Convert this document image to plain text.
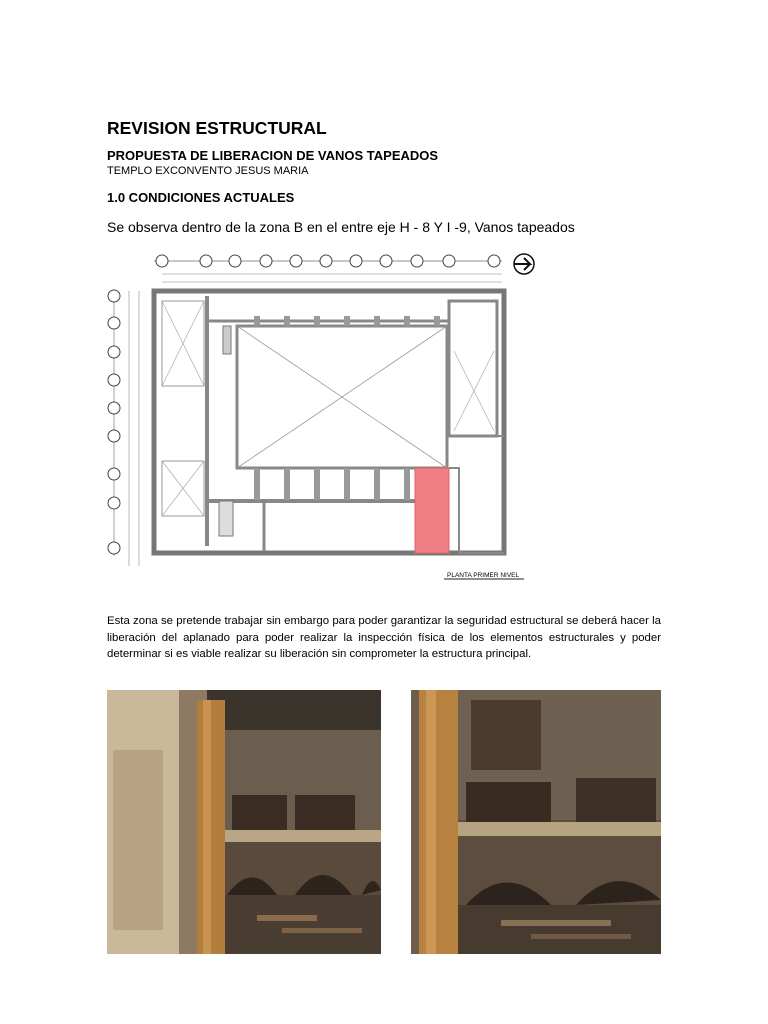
REVISION ESTRUCTURAL
PROPUESTA DE LIBERACION DE VANOS TAPEADOS
TEMPLO EXCONVENTO JESUS MARIA
1.0 CONDICIONES ACTUALES
Se observa dentro de la zona B en el entre eje H - 8 Y I -9, Vanos tapeados
PLANTA PRIMER NIVEL
Esta zona se pretende trabajar sin embargo para poder garantizar la seguridad estructural se deberá hacer la liberación del aplanado para poder realizar la inspección física de los elementos estructurales y poder determinar si es viable realizar su liberación sin comprometer la estructura principal.
